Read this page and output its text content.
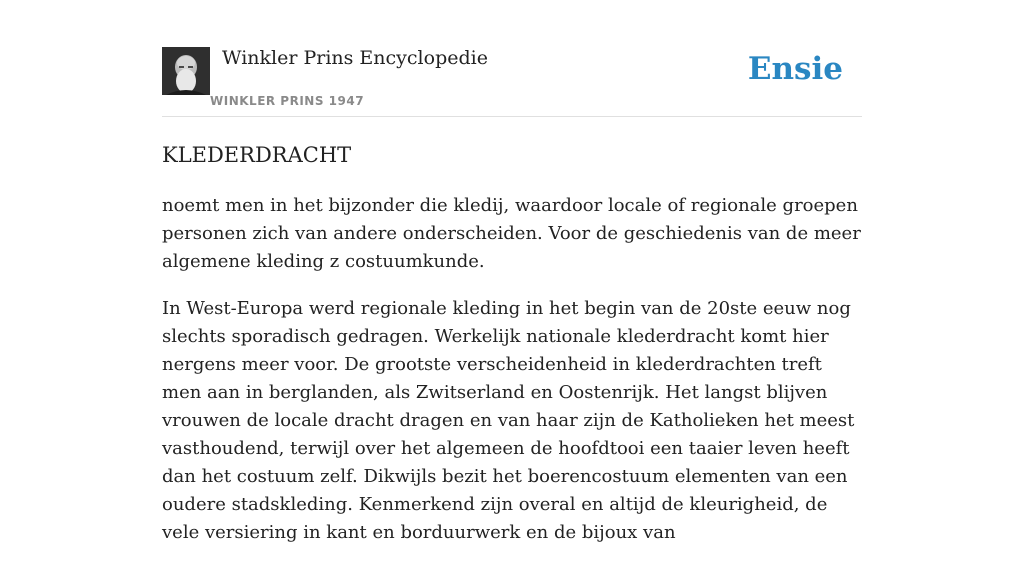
Winkler Prins Encyclopedie
WINKLER PRINS 1947
Ensie
KLEDERDRACHT

noemt men in het bijzonder die kledij, waardoor locale of regionale groepen personen zich van andere onderscheiden. Voor de geschiedenis van de meer algemene kleding z costuumkunde.

In West-Europa werd regionale kleding in het begin van de 20ste eeuw nog slechts sporadisch gedragen. Werkelijk nationale klederdracht komt hier nergens meer voor. De grootste verscheidenheid in klederdrachten treft men aan in berglanden, als Zwitserland en Oostenrijk. Het langst blijven vrouwen de locale dracht dragen en van haar zijn de Katholieken het meest vasthoudend, terwijl over het algemeen de hoofdtooi een taaier leven heeft dan het costuum zelf. Dikwijls bezit het boerencostuum elementen van een oudere stadskleding. Kenmerkend zijn overal en altijd de kleurigheid, de vele versiering in kant en borduurwerk en de bijoux van
